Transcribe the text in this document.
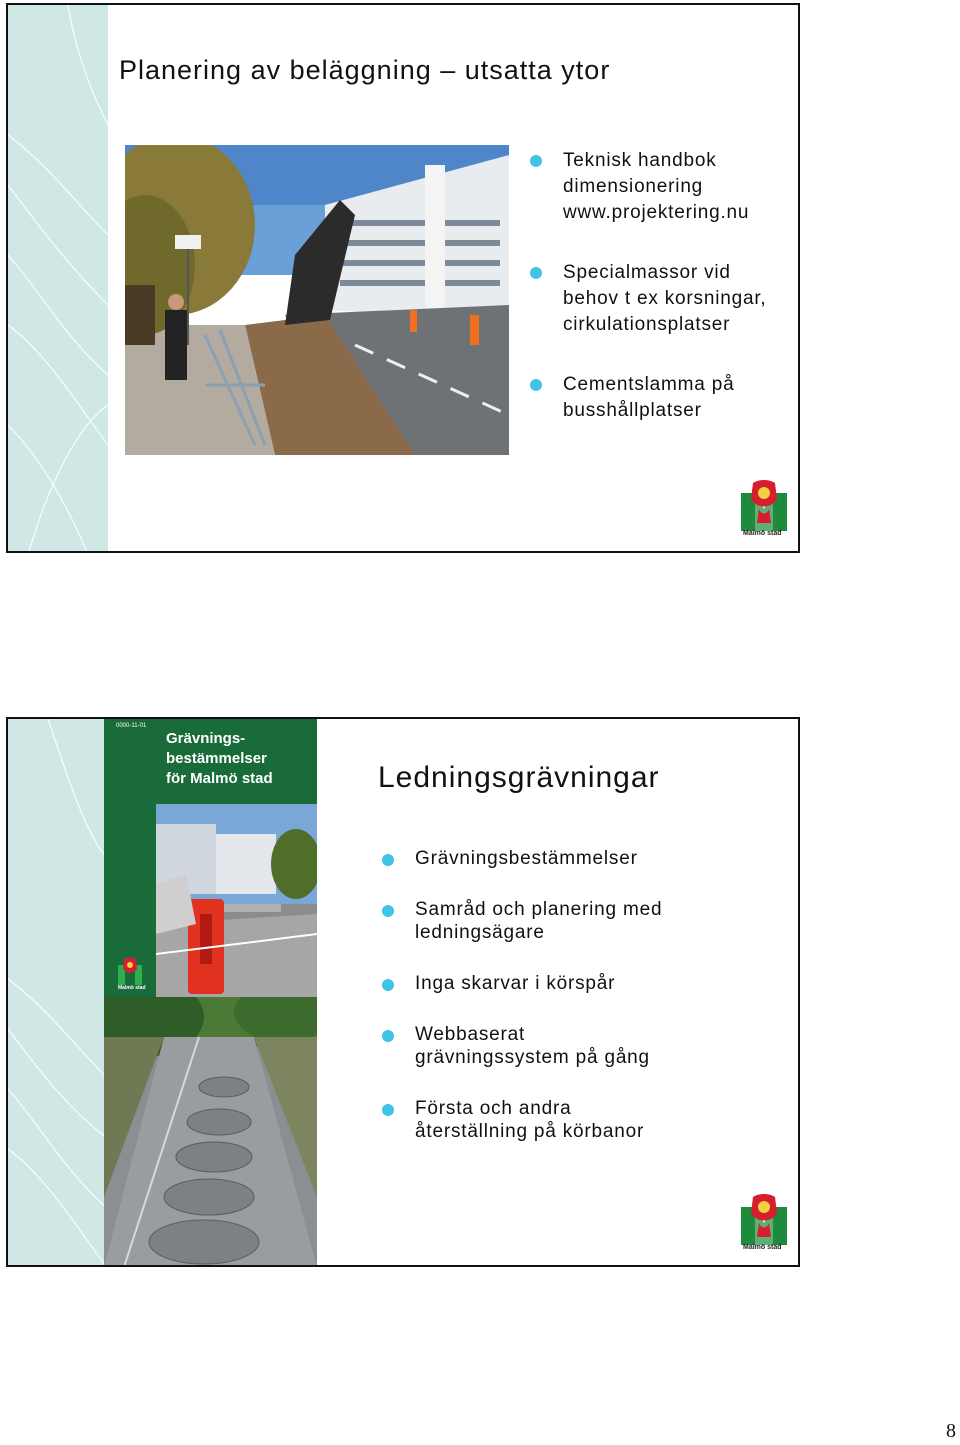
Planering av beläggning – utsatta ytor
Teknisk handbok dimensionering www.projektering.nu
Specialmassor vid behov t ex korsningar, cirkulationsplatser
Cementslamma på busshållplatser
Malmö stad
0000-11-01
Grävnings-
bestämmelser
för Malmö stad
Malmö stad
Ledningsgrävningar
Grävningsbestämmelser
Samråd och planering med ledningsägare
Inga skarvar i körspår
Webbaserat grävningssystem på gång
Första och andra återställning på körbanor
Malmö stad
8
